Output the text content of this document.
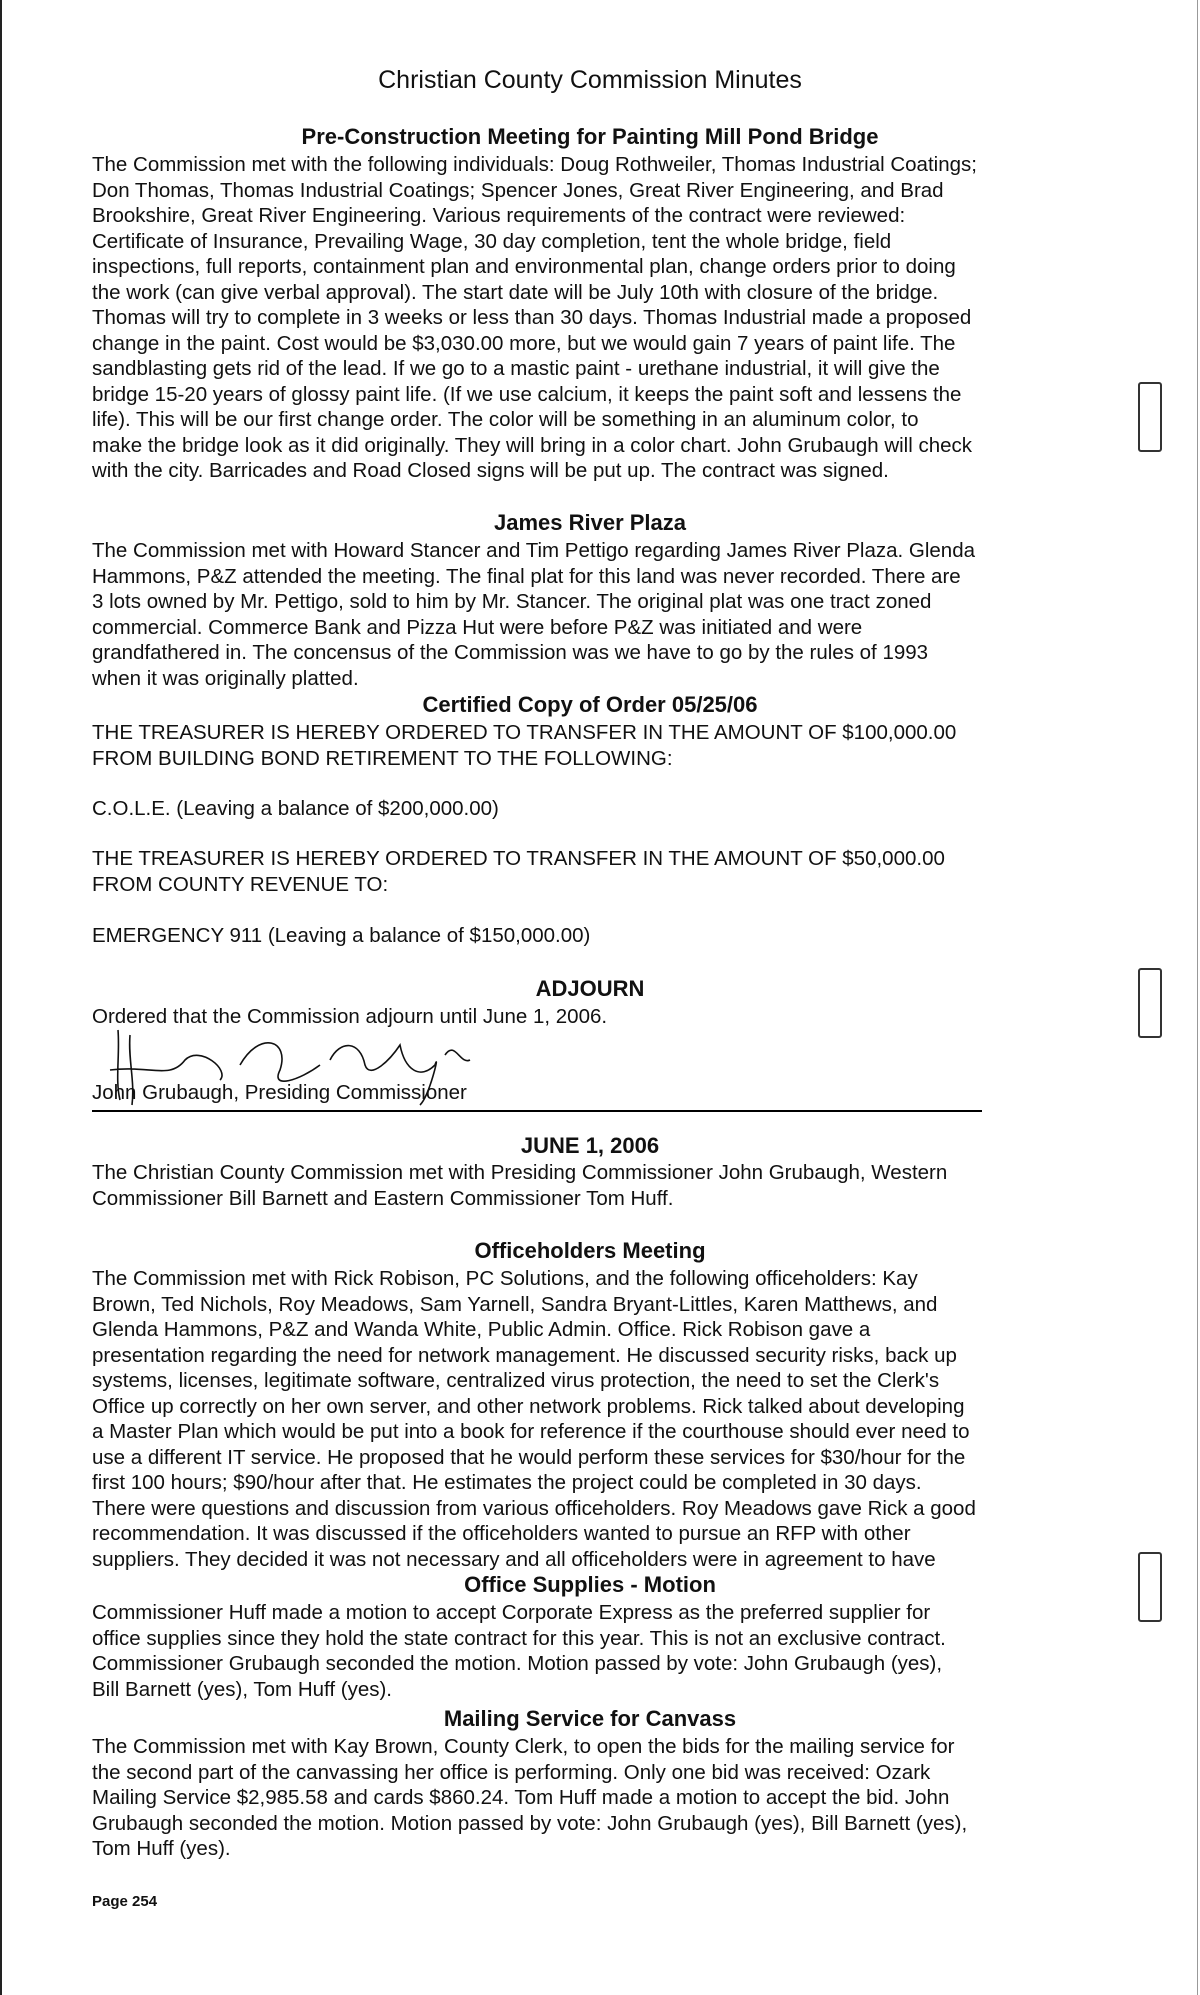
Christian County Commission Minutes
Pre-Construction Meeting for Painting Mill Pond Bridge
The Commission met with the following individuals: Doug Rothweiler, Thomas Industrial Coatings;
Don Thomas, Thomas Industrial Coatings; Spencer Jones, Great River Engineering, and Brad
Brookshire, Great River Engineering. Various requirements of the contract were reviewed:
Certificate of Insurance, Prevailing Wage, 30 day completion, tent the whole bridge, field
inspections, full reports, containment plan and environmental plan, change orders prior to doing
the work (can give verbal approval). The start date will be July 10th with closure of the bridge.
Thomas will try to complete in 3 weeks or less than 30 days. Thomas Industrial made a proposed
change in the paint. Cost would be $3,030.00 more, but we would gain 7 years of paint life. The
sandblasting gets rid of the lead. If we go to a mastic paint - urethane industrial, it will give the
bridge 15-20 years of glossy paint life. (If we use calcium, it keeps the paint soft and lessens the
life). This will be our first change order. The color will be something in an aluminum color, to
make the bridge look as it did originally. They will bring in a color chart. John Grubaugh will check
with the city. Barricades and Road Closed signs will be put up. The contract was signed.
James River Plaza
The Commission met with Howard Stancer and Tim Pettigo regarding James River Plaza. Glenda
Hammons, P&Z attended the meeting. The final plat for this land was never recorded. There are
3 lots owned by Mr. Pettigo, sold to him by Mr. Stancer. The original plat was one tract zoned
commercial. Commerce Bank and Pizza Hut were before P&Z was initiated and were
grandfathered in. The concensus of the Commission was we have to go by the rules of 1993
when it was originally platted.
Certified Copy of Order 05/25/06
THE TREASURER IS HEREBY ORDERED TO TRANSFER IN THE AMOUNT OF $100,000.00
FROM BUILDING BOND RETIREMENT TO THE FOLLOWING:
C.O.L.E. (Leaving a balance of $200,000.00)
THE TREASURER IS HEREBY ORDERED TO TRANSFER IN THE AMOUNT OF $50,000.00
FROM COUNTY REVENUE TO:
EMERGENCY 911 (Leaving a balance of $150,000.00)
ADJOURN
Ordered that the Commission adjourn until June 1, 2006.
John Grubaugh, Presiding Commissioner
JUNE 1, 2006
The Christian County Commission met with Presiding Commissioner John Grubaugh, Western
Commissioner Bill Barnett and Eastern Commissioner Tom Huff.
Officeholders Meeting
The Commission met with Rick Robison, PC Solutions, and the following officeholders: Kay
Brown, Ted Nichols, Roy Meadows, Sam Yarnell, Sandra Bryant-Littles, Karen Matthews, and
Glenda Hammons, P&Z and Wanda White, Public Admin. Office. Rick Robison gave a
presentation regarding the need for network management. He discussed security risks, back up
systems, licenses, legitimate software, centralized virus protection, the need to set the Clerk's
Office up correctly on her own server, and other network problems. Rick talked about developing
a Master Plan which would be put into a book for reference if the courthouse should ever need to
use a different IT service. He proposed that he would perform these services for $30/hour for the
first 100 hours; $90/hour after that. He estimates the project could be completed in 30 days.
There were questions and discussion from various officeholders. Roy Meadows gave Rick a good
recommendation. It was discussed if the officeholders wanted to pursue an RFP with other
suppliers. They decided it was not necessary and all officeholders were in agreement to have
Office Supplies - Motion
Commissioner Huff made a motion to accept Corporate Express as the preferred supplier for
office supplies since they hold the state contract for this year. This is not an exclusive contract.
Commissioner Grubaugh seconded the motion. Motion passed by vote: John Grubaugh (yes),
Bill Barnett (yes), Tom Huff (yes).
Mailing Service for Canvass
The Commission met with Kay Brown, County Clerk, to open the bids for the mailing service for
the second part of the canvassing her office is performing. Only one bid was received: Ozark
Mailing Service $2,985.58 and cards $860.24. Tom Huff made a motion to accept the bid. John
Grubaugh seconded the motion. Motion passed by vote: John Grubaugh (yes), Bill Barnett (yes),
Tom Huff (yes).
Page 254
